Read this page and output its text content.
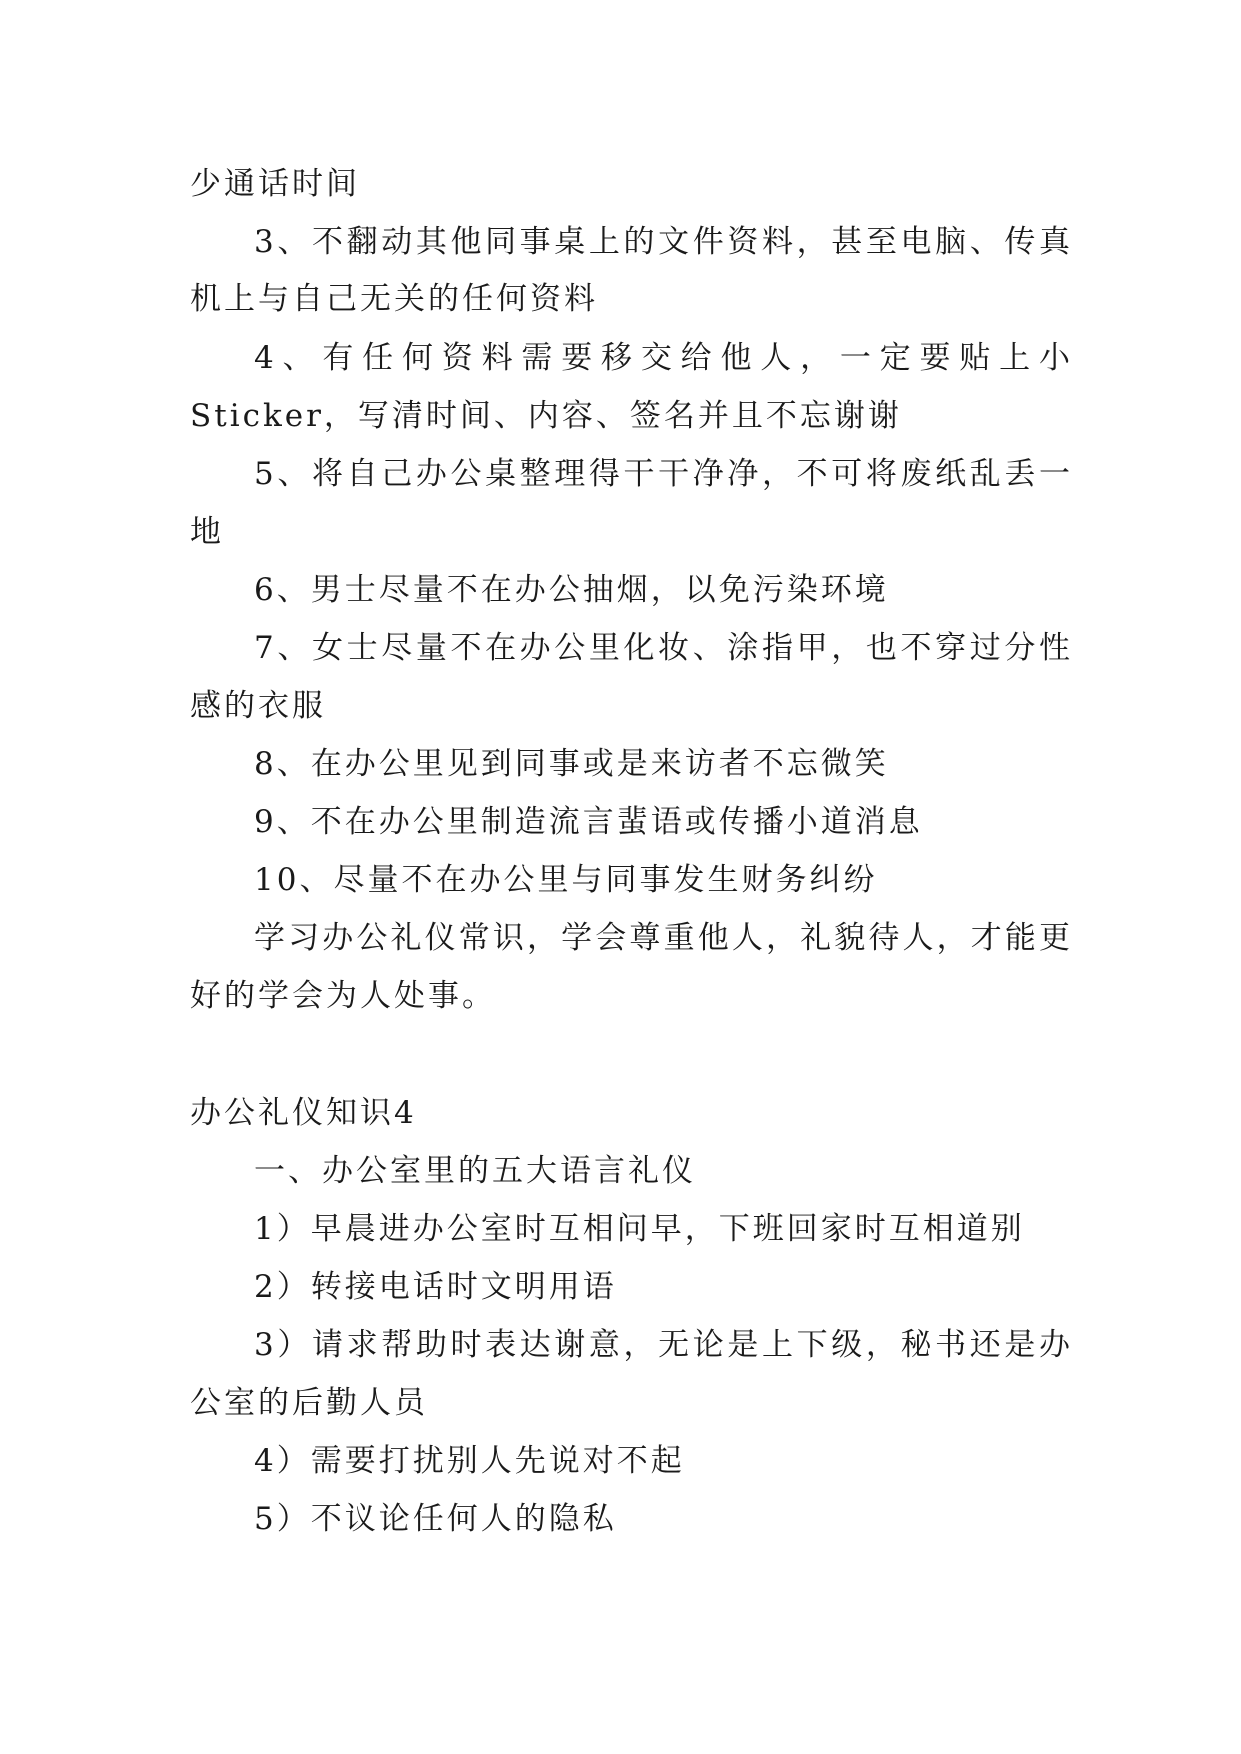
少通话时间
3、不翻动其他同事桌上的文件资料，甚至电脑、传真
机上与自己无关的任何资料
4、有任何资料需要移交给他人，一定要贴上小
Sticker，写清时间、内容、签名并且不忘谢谢
5、将自己办公桌整理得干干净净，不可将废纸乱丢一
地
6、男士尽量不在办公抽烟，以免污染环境
7、女士尽量不在办公里化妆、涂指甲，也不穿过分性
感的衣服
8、在办公里见到同事或是来访者不忘微笑
9、不在办公里制造流言蜚语或传播小道消息
10、尽量不在办公里与同事发生财务纠纷
学习办公礼仪常识，学会尊重他人，礼貌待人，才能更
好的学会为人处事。
办公礼仪知识4
一、办公室里的五大语言礼仪
1）早晨进办公室时互相问早，下班回家时互相道别
2）转接电话时文明用语
3）请求帮助时表达谢意，无论是上下级，秘书还是办
公室的后勤人员
4）需要打扰别人先说对不起
5）不议论任何人的隐私
